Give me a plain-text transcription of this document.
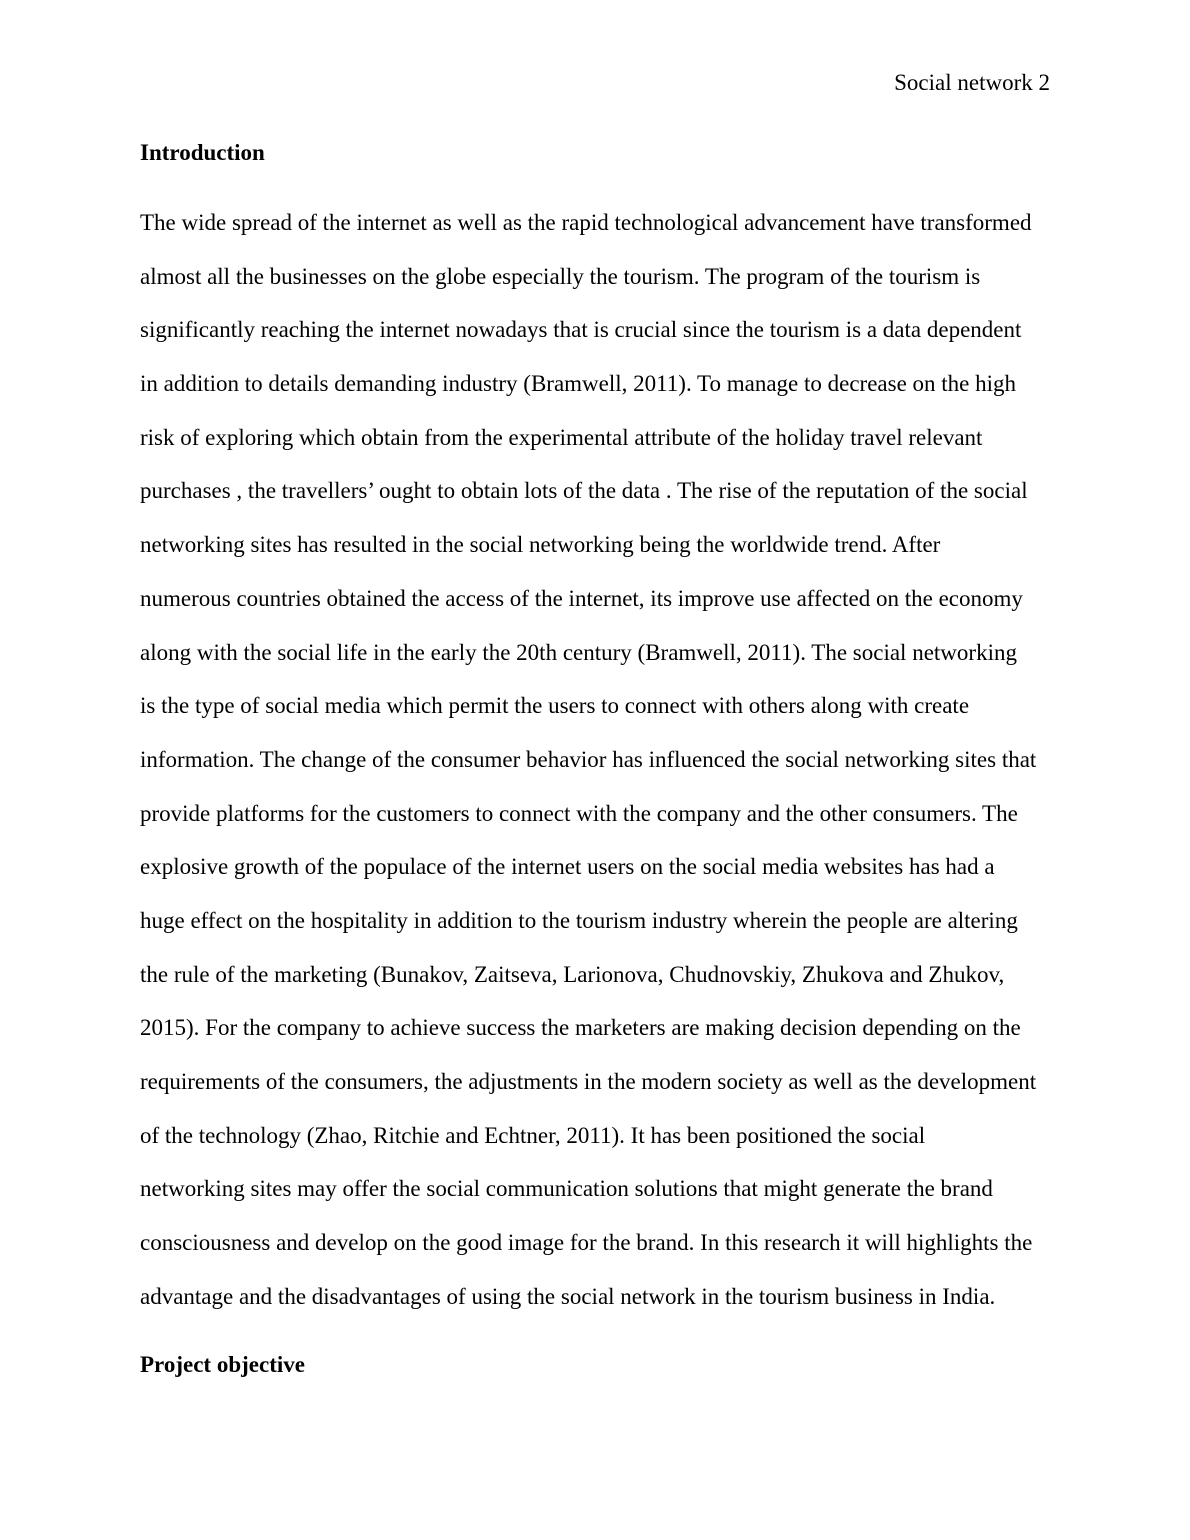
Social network 2
Introduction
The wide spread of the internet as well as the rapid technological advancement have transformed
almost all the businesses on the globe especially the tourism. The program of the tourism is
significantly reaching the internet nowadays that is crucial since the tourism is a data dependent
in addition to details demanding industry (Bramwell, 2011). To manage to decrease on the high
risk of exploring which obtain from the experimental attribute of the holiday travel relevant
purchases , the travellers’ ought to obtain lots of the data . The rise of the reputation of the social
networking sites has resulted in the social networking being the worldwide trend. After
numerous countries obtained the access of the internet, its improve use affected on the economy
along with the social life in the early the 20th century (Bramwell, 2011). The social networking
is the type of social media which permit the users to connect with others along with create
information. The change of the consumer behavior has influenced the social networking sites that
provide platforms for the customers to connect with the company and the other consumers. The
explosive growth of the populace of the internet users on the social media websites has had a
huge effect on the hospitality in addition to the tourism industry wherein the people are altering
the rule of the marketing (Bunakov, Zaitseva, Larionova, Chudnovskiy, Zhukova and Zhukov,
2015). For the company to achieve success the marketers are making decision depending on the
requirements of the consumers, the adjustments in the modern society as well as the development
of the technology (Zhao, Ritchie and Echtner, 2011). It has been positioned the social
networking sites may offer the social communication solutions that might generate the brand
consciousness and develop on the good image for the brand. In this research it will highlights the
advantage and the disadvantages of using the social network in the tourism business in India.
Project objective
